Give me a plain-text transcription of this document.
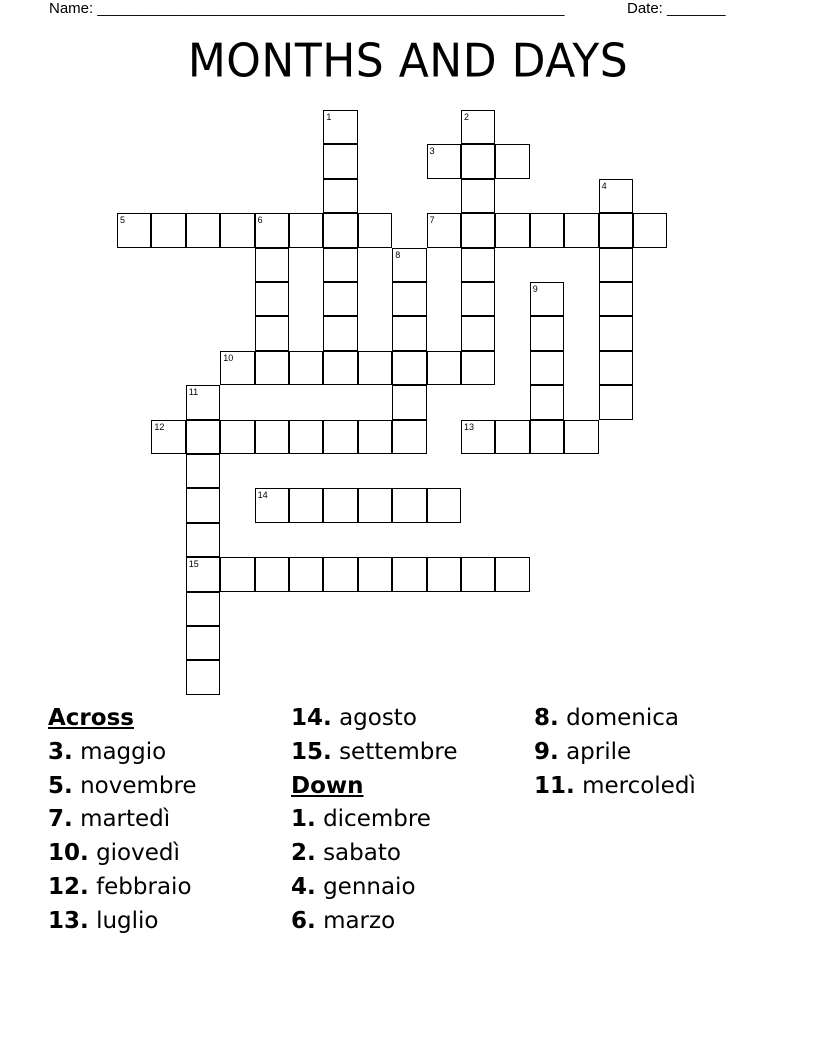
Name: ________________________________________________________	Date: _______
MONTHS AND DAYS
1	2
3
4
5	6	7
8
9
10
11
12	13
14
15
Across
3. maggio
5. novembre
7. martedì
10. giovedì
12. febbraio
13. luglio
14. agosto
15. settembre
Down
1. dicembre
2. sabato
4. gennaio
6. marzo
8. domenica
9. aprile
11. mercoledì
